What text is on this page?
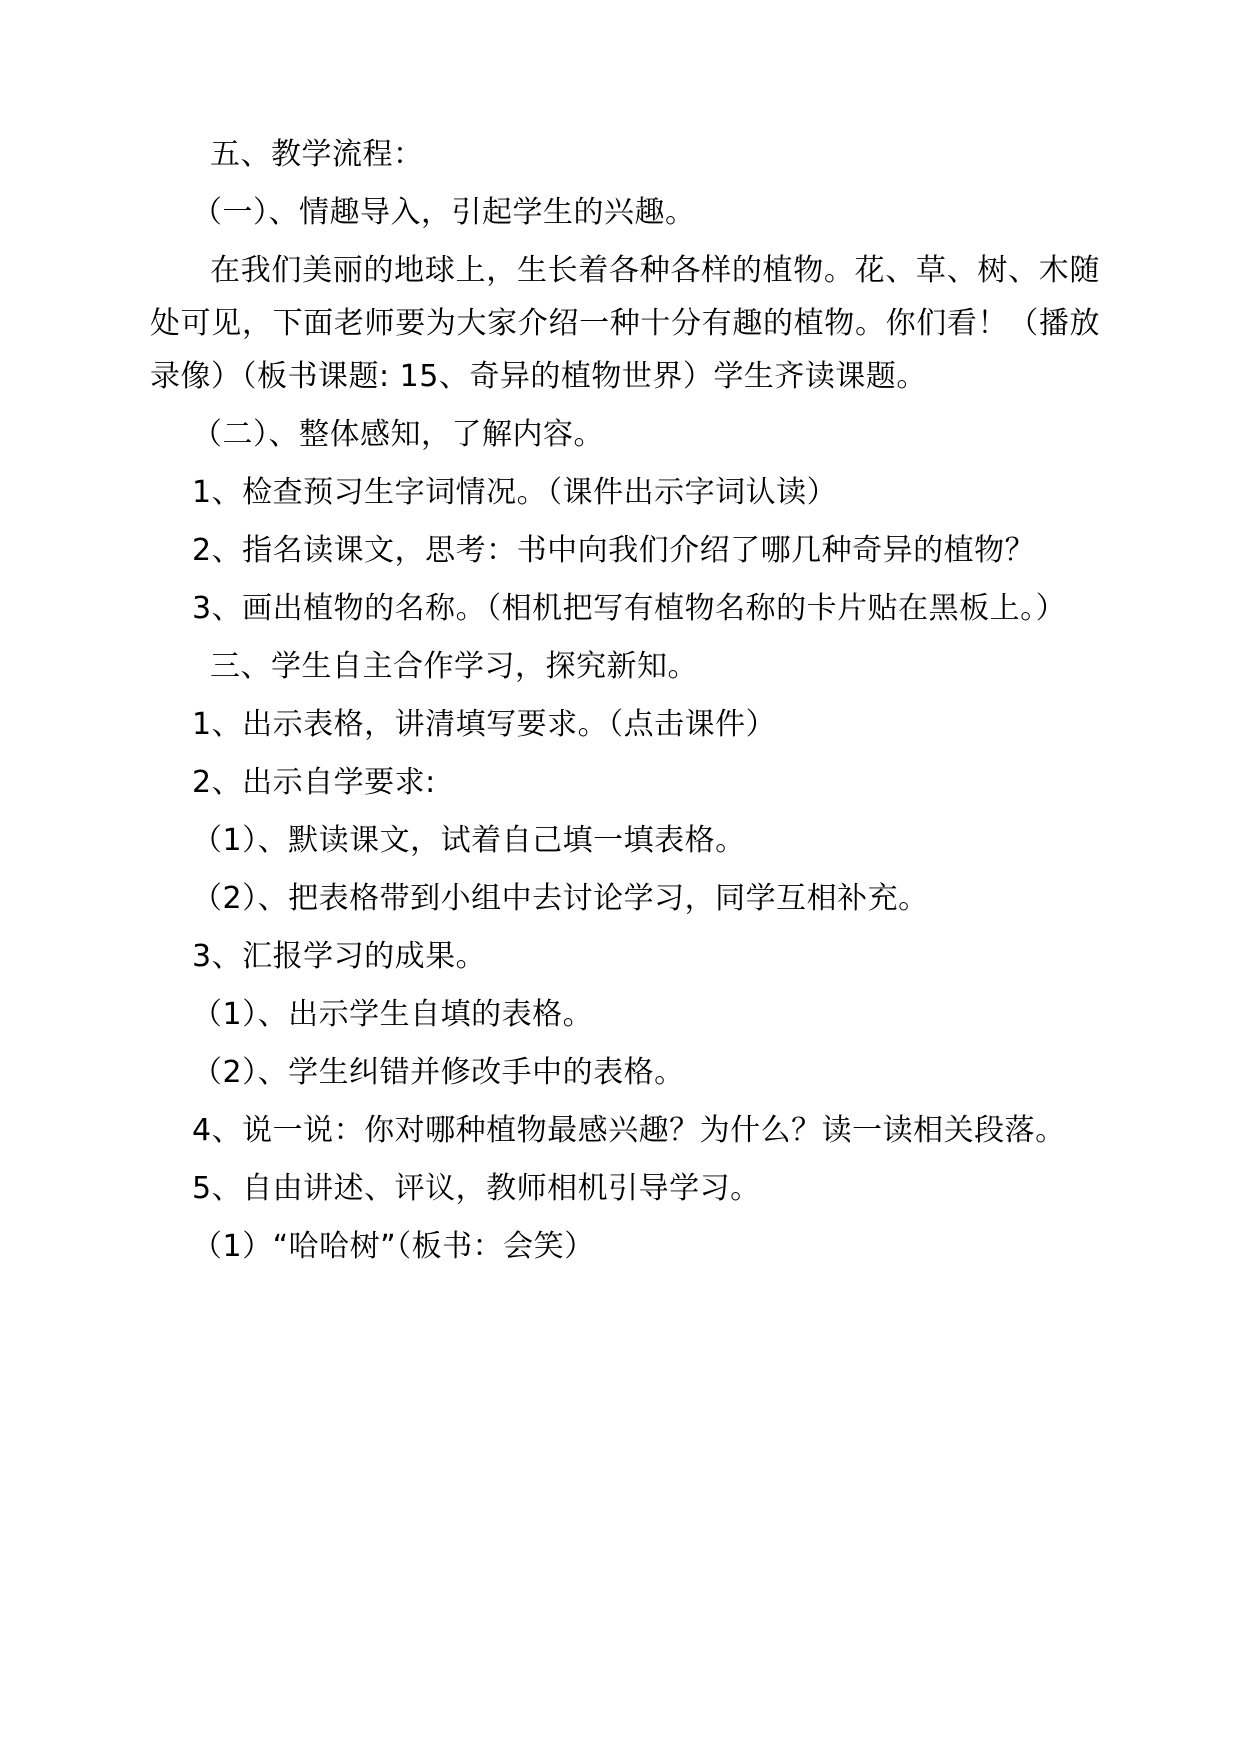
五、教学流程：

（一）、情趣导入，引起学生的兴趣。

在我们美丽的地球上，生长着各种各样的植物。花、草、树、木随处可见，下面老师要为大家介绍一种十分有趣的植物。你们看！（播放录像）（板书课题: 15、奇异的植物世界）学生齐读课题。

（二）、整体感知，了解内容。

1、检查预习生字词情况。（课件出示字词认读）

2、指名读课文，思考：书中向我们介绍了哪几种奇异的植物？

3、画出植物的名称。（相机把写有植物名称的卡片贴在黑板上。）

三、学生自主合作学习，探究新知。

1、出示表格，讲清填写要求。（点击课件）

2、出示自学要求:

（1）、默读课文，试着自己填一填表格。

（2）、把表格带到小组中去讨论学习，同学互相补充。

3、汇报学习的成果。

（1）、出示学生自填的表格。

（2）、学生纠错并修改手中的表格。

4、说一说：你对哪种植物最感兴趣？为什么？读一读相关段落。

5、自由讲述、评议，教师相机引导学习。

（1）“哈哈树”（板书：会笑）
